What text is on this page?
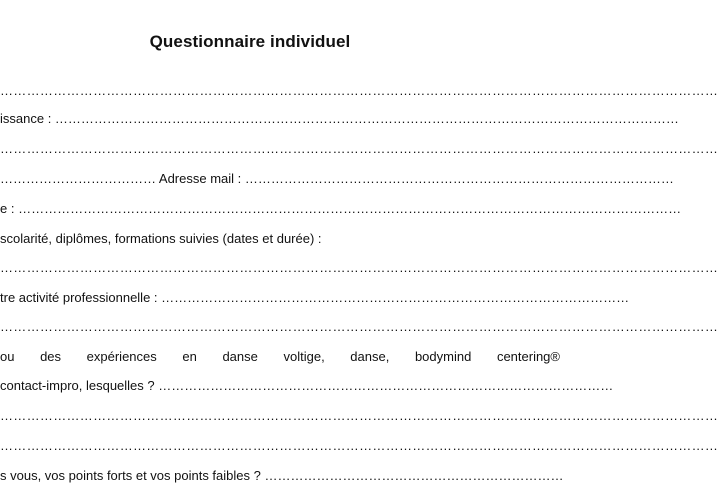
Questionnaire individuel
………………………………………………………………………………………………………………………………………………
issance : ………………………………………………………………………………………………………………………………
………………………………………………………………………………………………………………………………………………
……………………………… Adresse mail : ………………………………………………………………………………………
e : ………………………………………………………………………………………………………………………………………
scolarité, diplômes, formations suivies (dates et durée) :
………………………………………………………………………………………………………………………………………………
tre activité professionnelle : ………………………………………………………………………………………………
………………………………………………………………………………………………………………………………………………
ou des expériences en danse voltige, danse, bodymind centering®
contact-impro, lesquelles ? ……………………………………………………………………………………………
………………………………………………………………………………………………………………………………………………
………………………………………………………………………………………………………………………………………………
s vous, vos points forts et vos points faibles ? ……………………………………………………………
